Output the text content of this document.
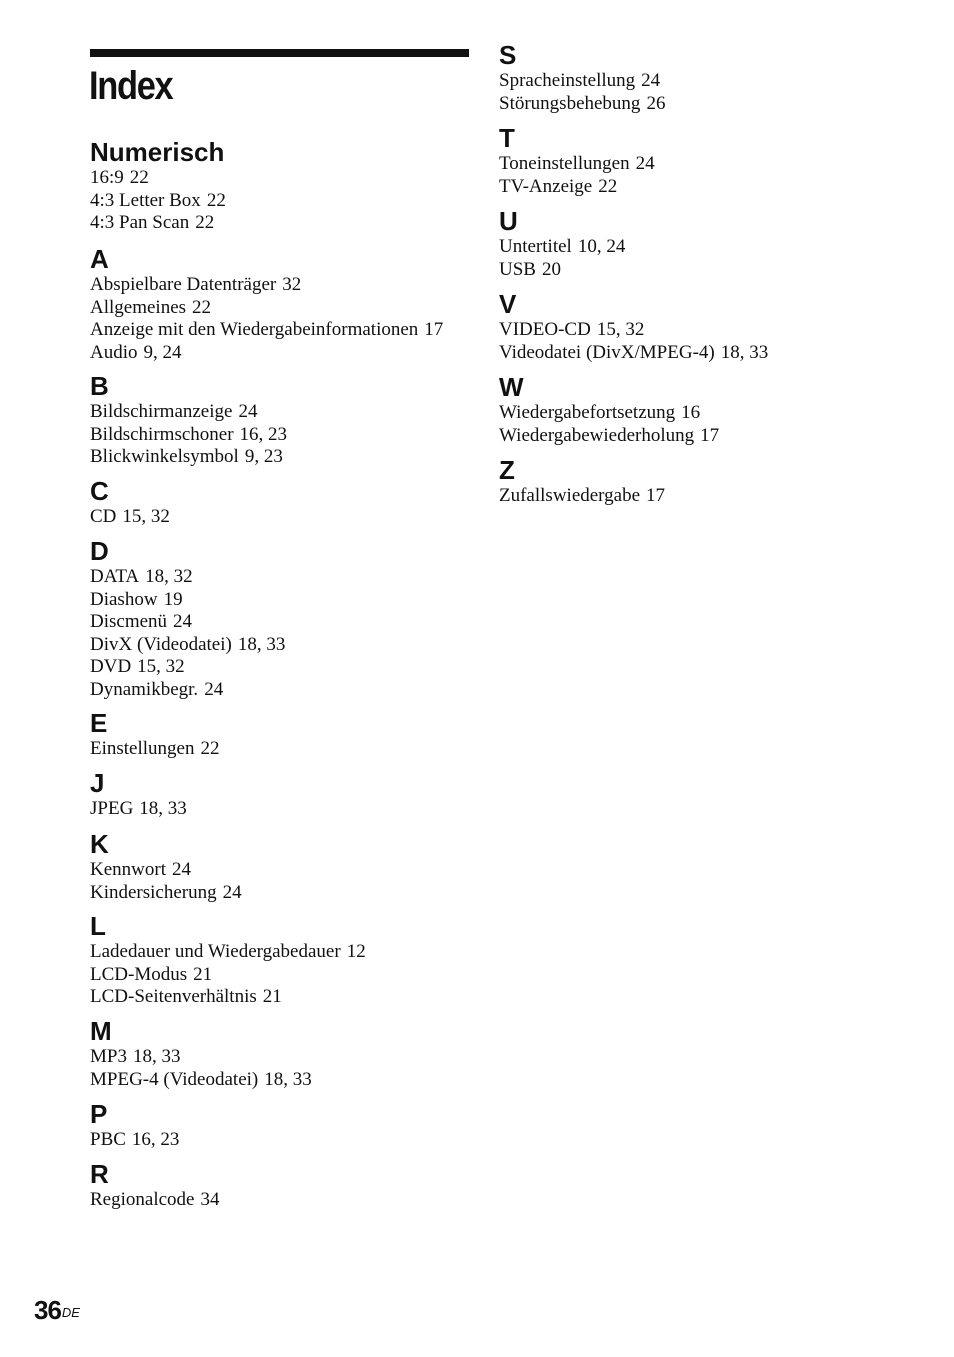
Index
Numerisch
16:9 22
4:3 Letter Box 22
4:3 Pan Scan 22
A
Abspielbare Datenträger 32
Allgemeines 22
Anzeige mit den Wiedergabeinformationen 17
Audio 9, 24
B
Bildschirmanzeige 24
Bildschirmschoner 16, 23
Blickwinkelsymbol 9, 23
C
CD 15, 32
D
DATA 18, 32
Diashow 19
Discmenü 24
DivX (Videodatei) 18, 33
DVD 15, 32
Dynamikbegr. 24
E
Einstellungen 22
J
JPEG 18, 33
K
Kennwort 24
Kindersicherung 24
L
Ladedauer und Wiedergabedauer 12
LCD-Modus 21
LCD-Seitenverhältnis 21
M
MP3 18, 33
MPEG-4 (Videodatei) 18, 33
P
PBC 16, 23
R
Regionalcode 34
S
Spracheinstellung 24
Störungsbehebung 26
T
Toneinstellungen 24
TV-Anzeige 22
U
Untertitel 10, 24
USB 20
V
VIDEO-CD 15, 32
Videodatei (DivX/MPEG-4) 18, 33
W
Wiedergabefortsetzung 16
Wiedergabewiederholung 17
Z
Zufallswiedergabe 17
36DE
